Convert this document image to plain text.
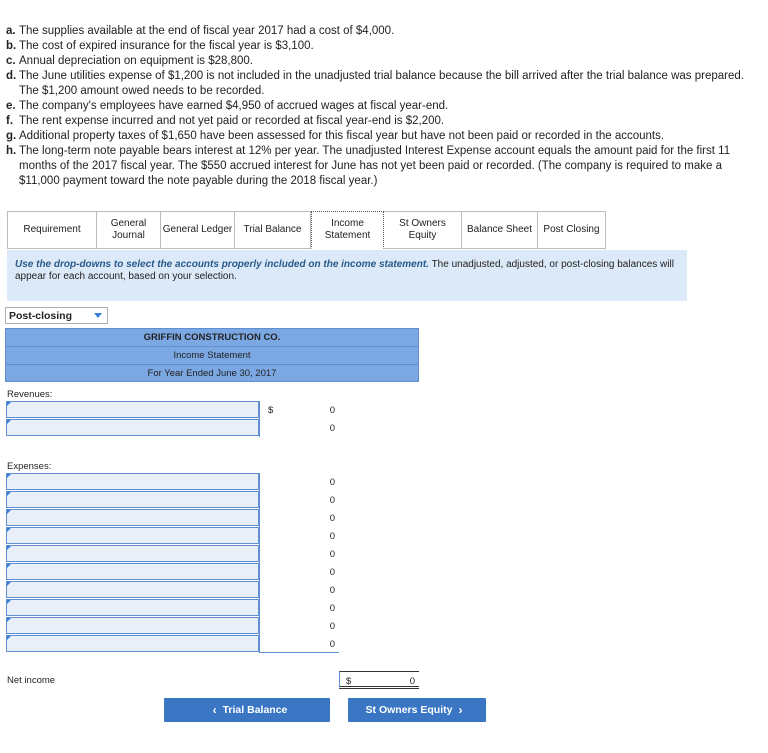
a. The supplies available at the end of fiscal year 2017 had a cost of $4,000.
b. The cost of expired insurance for the fiscal year is $3,100.
c. Annual depreciation on equipment is $28,800.
d. The June utilities expense of $1,200 is not included in the unadjusted trial balance because the bill arrived after the trial balance was prepared. The $1,200 amount owed needs to be recorded.
e. The company's employees have earned $4,950 of accrued wages at fiscal year-end.
f. The rent expense incurred and not yet paid or recorded at fiscal year-end is $2,200.
g. Additional property taxes of $1,650 have been assessed for this fiscal year but have not been paid or recorded in the accounts.
h. The long-term note payable bears interest at 12% per year. The unadjusted Interest Expense account equals the amount paid for the first 11 months of the 2017 fiscal year. The $550 accrued interest for June has not yet been paid or recorded. (The company is required to make a $11,000 payment toward the note payable during the 2018 fiscal year.)
Requirement
General Journal
General Ledger	Trial Balance
Income Statement
St Owners Equity
Balance Sheet	Post Closing
Use the drop-downs to select the accounts properly included on the income statement. The unadjusted, adjusted, or post-closing balances will appear for each account, based on your selection.
Post-closing
GRIFFIN CONSTRUCTION CO.
Income Statement
For Year Ended June 30, 2017
Revenues:
$	0
0
Expenses:
0
0
0
0
0
0
0
0
0
0
Net income	$	0
‹ Trial Balance	St Owners Equity ›
